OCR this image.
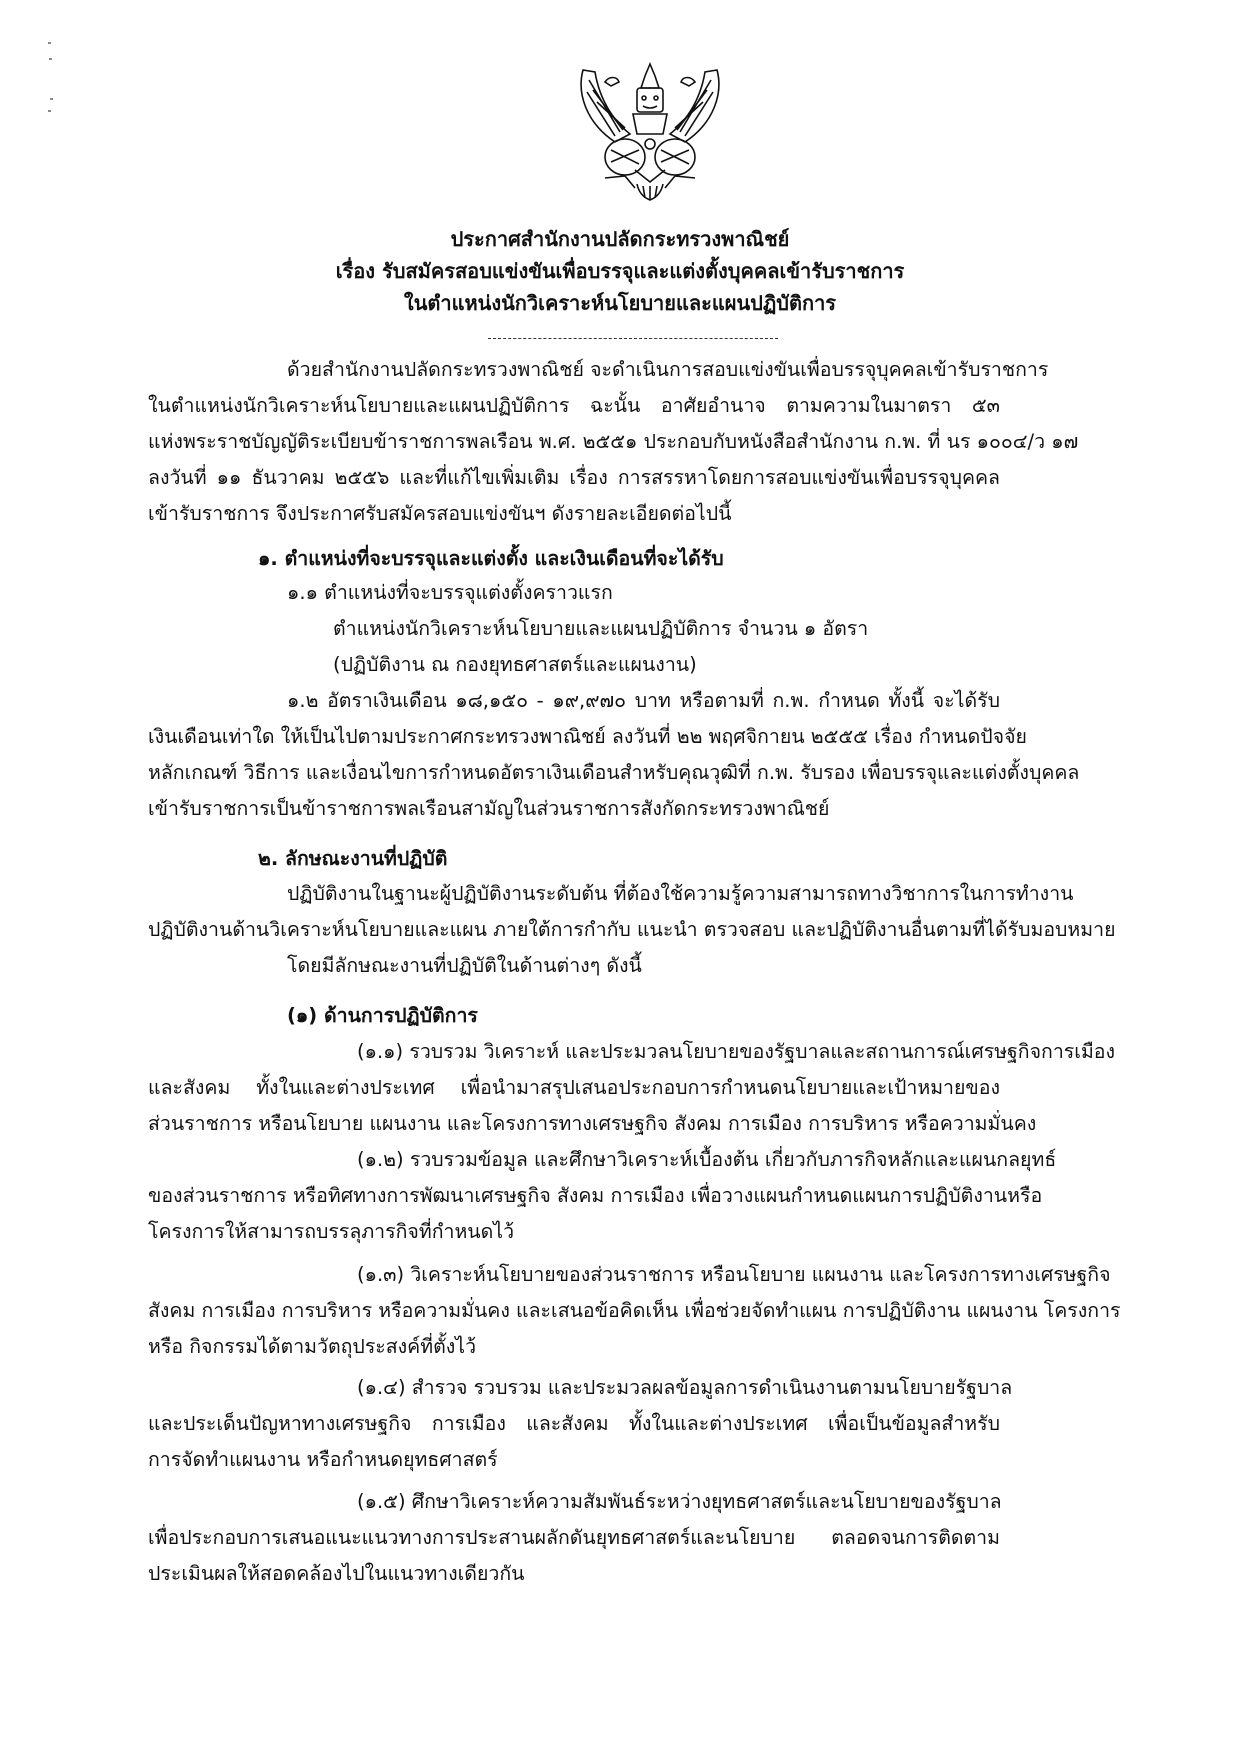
ประกาศสำนักงานปลัดกระทรวงพาณิชย์
เรื่อง รับสมัครสอบแข่งขันเพื่อบรรจุและแต่งตั้งบุคคลเข้ารับราชการ
ในตำแหน่งนักวิเคราะห์นโยบายและแผนปฏิบัติการ
ด้วยสำนักงานปลัดกระทรวงพาณิชย์ จะดำเนินการสอบแข่งขันเพื่อบรรจุบุคคลเข้ารับราชการ
ในตำแหน่งนักวิเคราะห์นโยบายและแผนปฏิบัติการ ฉะนั้น อาศัยอำนาจ ตามความในมาตรา ๕๓
แห่งพระราชบัญญัติระเบียบข้าราชการพลเรือน พ.ศ. ๒๕๕๑ ประกอบกับหนังสือสำนักงาน ก.พ. ที่ นร ๑๐๐๔/ว ๑๗
ลงวันที่ ๑๑ ธันวาคม ๒๕๕๖ และที่แก้ไขเพิ่มเติม เรื่อง การสรรหาโดยการสอบแข่งขันเพื่อบรรจุบุคคล
เข้ารับราชการ จึงประกาศรับสมัครสอบแข่งขันฯ ดังรายละเอียดต่อไปนี้
๑. ตำแหน่งที่จะบรรจุและแต่งตั้ง และเงินเดือนที่จะได้รับ
๑.๑ ตำแหน่งที่จะบรรจุแต่งตั้งคราวแรก
ตำแหน่งนักวิเคราะห์นโยบายและแผนปฏิบัติการ จำนวน ๑ อัตรา
(ปฏิบัติงาน ณ กองยุทธศาสตร์และแผนงาน)
๑.๒ อัตราเงินเดือน ๑๘,๑๕๐ - ๑๙,๙๗๐ บาท หรือตามที่ ก.พ. กำหนด ทั้งนี้ จะได้รับ
เงินเดือนเท่าใด ให้เป็นไปตามประกาศกระทรวงพาณิชย์ ลงวันที่ ๒๒ พฤศจิกายน ๒๕๕๕ เรื่อง กำหนดปัจจัย
หลักเกณฑ์ วิธีการ และเงื่อนไขการกำหนดอัตราเงินเดือนสำหรับคุณวุฒิที่ ก.พ. รับรอง เพื่อบรรจุและแต่งตั้งบุคคล
เข้ารับราชการเป็นข้าราชการพลเรือนสามัญในส่วนราชการสังกัดกระทรวงพาณิชย์
๒. ลักษณะงานที่ปฏิบัติ
ปฏิบัติงานในฐานะผู้ปฏิบัติงานระดับต้น ที่ต้องใช้ความรู้ความสามารถทางวิชาการในการทำงาน
ปฏิบัติงานด้านวิเคราะห์นโยบายและแผน ภายใต้การกำกับ แนะนำ ตรวจสอบ และปฏิบัติงานอื่นตามที่ได้รับมอบหมาย
โดยมีลักษณะงานที่ปฏิบัติในด้านต่างๆ ดังนี้
(๑) ด้านการปฏิบัติการ
(๑.๑) รวบรวม วิเคราะห์ และประมวลนโยบายของรัฐบาลและสถานการณ์เศรษฐกิจการเมือง
และสังคม ทั้งในและต่างประเทศ เพื่อนำมาสรุปเสนอประกอบการกำหนดนโยบายและเป้าหมายของ
ส่วนราชการ หรือนโยบาย แผนงาน และโครงการทางเศรษฐกิจ สังคม การเมือง การบริหาร หรือความมั่นคง
(๑.๒) รวบรวมข้อมูล และศึกษาวิเคราะห์เบื้องต้น เกี่ยวกับภารกิจหลักและแผนกลยุทธ์
ของส่วนราชการ หรือทิศทางการพัฒนาเศรษฐกิจ สังคม การเมือง เพื่อวางแผนกำหนดแผนการปฏิบัติงานหรือ
โครงการให้สามารถบรรลุภารกิจที่กำหนดไว้
(๑.๓) วิเคราะห์นโยบายของส่วนราชการ หรือนโยบาย แผนงาน และโครงการทางเศรษฐกิจ
สังคม การเมือง การบริหาร หรือความมั่นคง และเสนอข้อคิดเห็น เพื่อช่วยจัดทำแผน การปฏิบัติงาน แผนงาน โครงการ
หรือ กิจกรรมได้ตามวัตถุประสงค์ที่ตั้งไว้
(๑.๔) สำรวจ รวบรวม และประมวลผลข้อมูลการดำเนินงานตามนโยบายรัฐบาล
และประเด็นปัญหาทางเศรษฐกิจ การเมือง และสังคม ทั้งในและต่างประเทศ เพื่อเป็นข้อมูลสำหรับ
การจัดทำแผนงาน หรือกำหนดยุทธศาสตร์
(๑.๕) ศึกษาวิเคราะห์ความสัมพันธ์ระหว่างยุทธศาสตร์และนโยบายของรัฐบาล
เพื่อประกอบการเสนอแนะแนวทางการประสานผลักดันยุทธศาสตร์และนโยบาย ตลอดจนการติดตาม
ประเมินผลให้สอดคล้องไปในแนวทางเดียวกัน
